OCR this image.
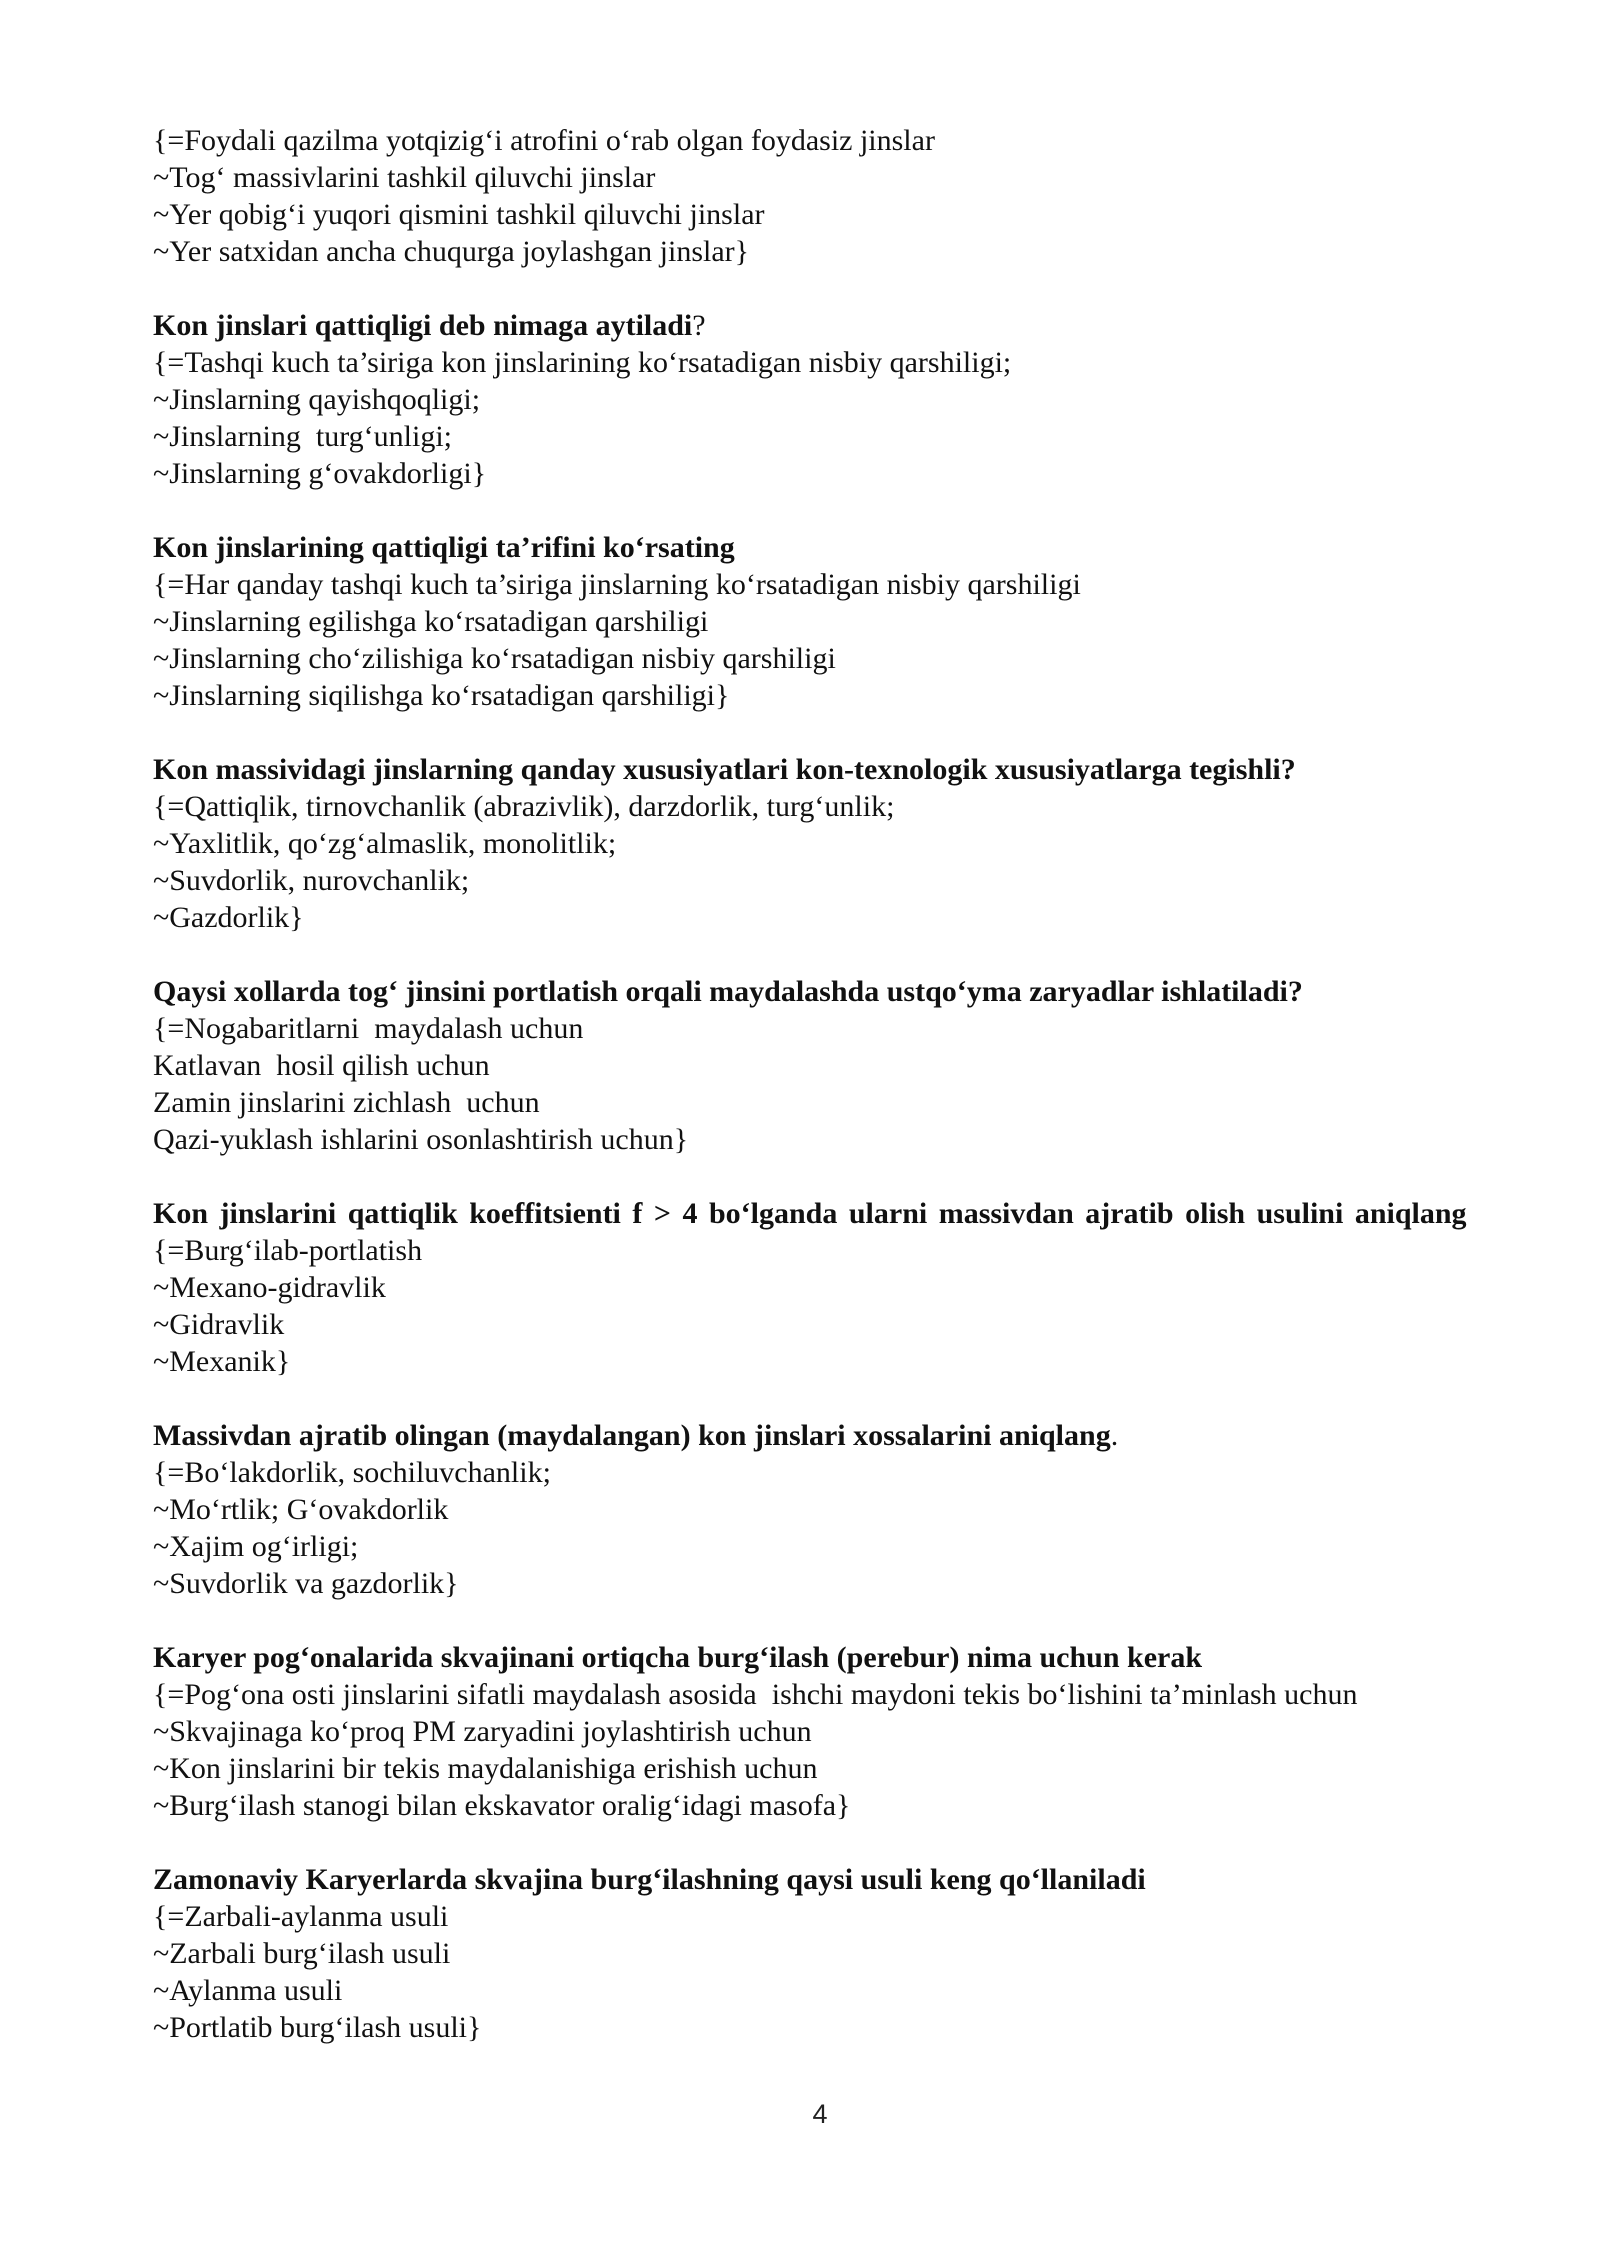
{=Foydali qazilma yotqizig‘i atrofini o‘rab olgan foydasiz jinslar
~Tog‘ massivlarini tashkil qiluvchi jinslar
~Yer qobig‘i yuqori qismini tashkil qiluvchi jinslar
~Yer satxidan ancha chuqurga joylashgan jinslar}
Kon jinslari qattiqligi deb nimaga aytiladi?
{=Tashqi kuch ta’siriga kon jinslarining ko‘rsatadigan nisbiy qarshiligi;
~Jinslarning qayishqoqligi;
~Jinslarning  turg‘unligi;
~Jinslarning g‘ovakdorligi}
Kon jinslarining qattiqligi ta’rifini ko‘rsating
{=Har qanday tashqi kuch ta’siriga jinslarning ko‘rsatadigan nisbiy qarshiligi
~Jinslarning egilishga ko‘rsatadigan qarshiligi
~Jinslarning cho‘zilishiga ko‘rsatadigan nisbiy qarshiligi
~Jinslarning siqilishga ko‘rsatadigan qarshiligi}
Kon massividagi jinslarning qanday xususiyatlari kon-texnologik xususiyatlarga tegishli?
{=Qattiqlik, tirnovchanlik (abrazivlik), darzdorlik, turg‘unlik;
~Yaxlitlik, qo‘zg‘almaslik, monolitlik;
~Suvdorlik, nurovchanlik;
~Gazdorlik}
Qaysi xollarda tog‘ jinsini portlatish orqali maydalashda ustqo‘yma zaryadlar ishlatiladi?
{=Nogabaritlarni  maydalash uchun
Katlavan  hosil qilish uchun
Zamin jinslarini zichlash  uchun
Qazi-yuklash ishlarini osonlashtirish uchun}
Kon jinslarini qattiqlik koeffitsienti f > 4 bo‘lganda ularni massivdan ajratib olish usulini aniqlang
{=Burg‘ilab-portlatish
~Mexano-gidravlik
~Gidravlik
~Mexanik}
Massivdan ajratib olingan (maydalangan) kon jinslari xossalarini aniqlang.
{=Bo‘lakdorlik, sochiluvchanlik;
~Mo‘rtlik; G‘ovakdorlik
~Xajim og‘irligi;
~Suvdorlik va gazdorlik}
Karyer pog‘onalarida skvajinani ortiqcha burg‘ilash (perebur) nima uchun kerak
{=Pog‘ona osti jinslarini sifatli maydalash asosida  ishchi maydoni tekis bo‘lishini ta’minlash uchun
~Skvajinaga ko‘proq PM zaryadini joylashtirish uchun
~Kon jinslarini bir tekis maydalanishiga erishish uchun
~Burg‘ilash stanogi bilan ekskavator oralig‘idagi masofa}
Zamonaviy Karyerlarda skvajina burg‘ilashning qaysi usuli keng qo‘llaniladi
{=Zarbali-aylanma usuli
~Zarbali burg‘ilash usuli
~Aylanma usuli
~Portlatib burg‘ilash usuli}
4
